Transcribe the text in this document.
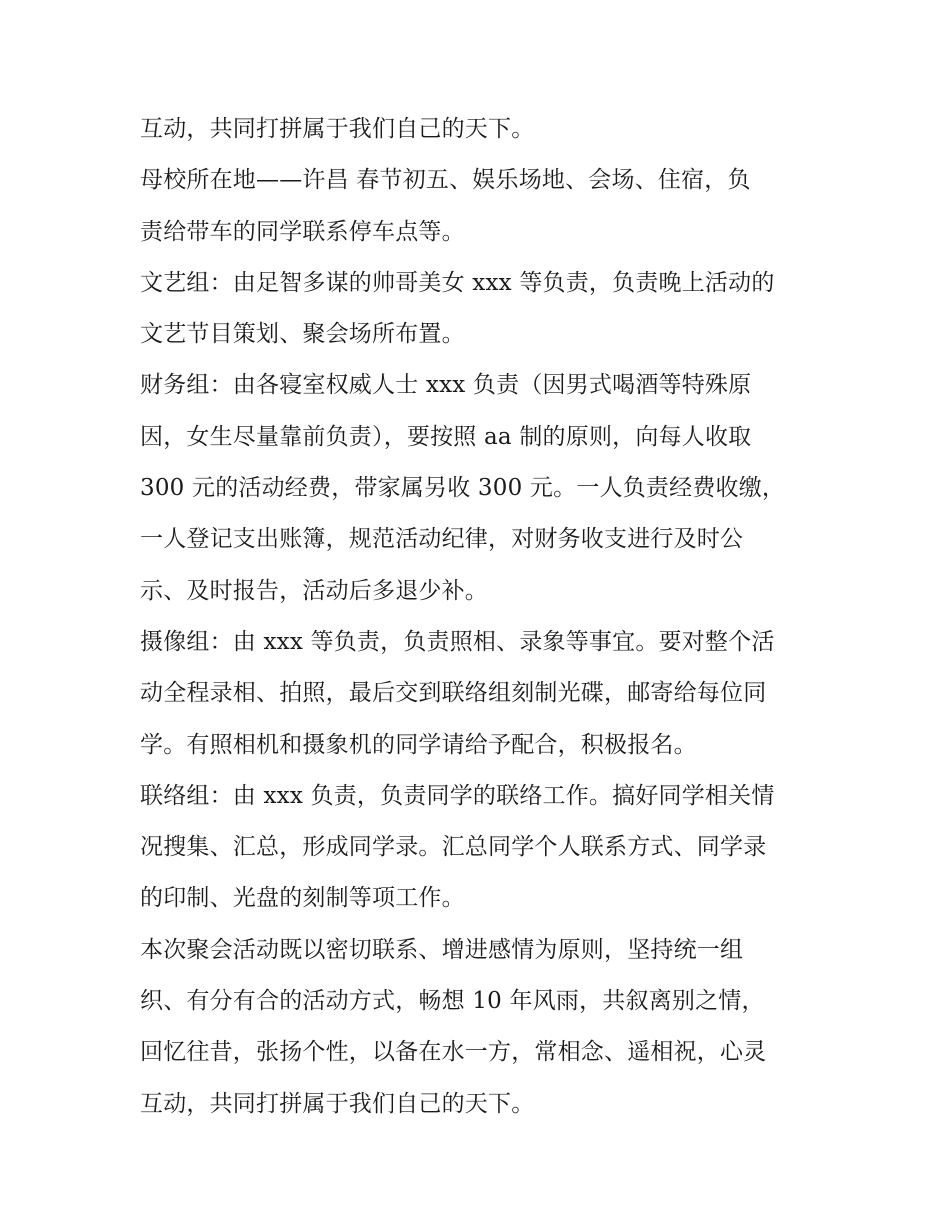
互动，共同打拼属于我们自己的天下。
母校所在地——许昌 春节初五、娱乐场地、会场、住宿，负
责给带车的同学联系停车点等。
文艺组：由足智多谋的帅哥美女 xxx 等负责，负责晚上活动的
文艺节目策划、聚会场所布置。
财务组：由各寝室权威人士 xxx 负责（因男式喝酒等特殊原
因，女生尽量靠前负责），要按照 aa 制的原则，向每人收取
300 元的活动经费，带家属另收 300 元。一人负责经费收缴，
一人登记支出账簿，规范活动纪律，对财务收支进行及时公
示、及时报告，活动后多退少补。
摄像组：由 xxx 等负责，负责照相、录象等事宜。要对整个活
动全程录相、拍照，最后交到联络组刻制光碟，邮寄给每位同
学。有照相机和摄象机的同学请给予配合，积极报名。
联络组：由 xxx 负责，负责同学的联络工作。搞好同学相关情
况搜集、汇总，形成同学录。汇总同学个人联系方式、同学录
的印制、光盘的刻制等项工作。
本次聚会活动既以密切联系、增进感情为原则，坚持统一组
织、有分有合的活动方式，畅想 10 年风雨，共叙离别之情，
回忆往昔，张扬个性，以备在水一方，常相念、遥相祝，心灵
互动，共同打拼属于我们自己的天下。
